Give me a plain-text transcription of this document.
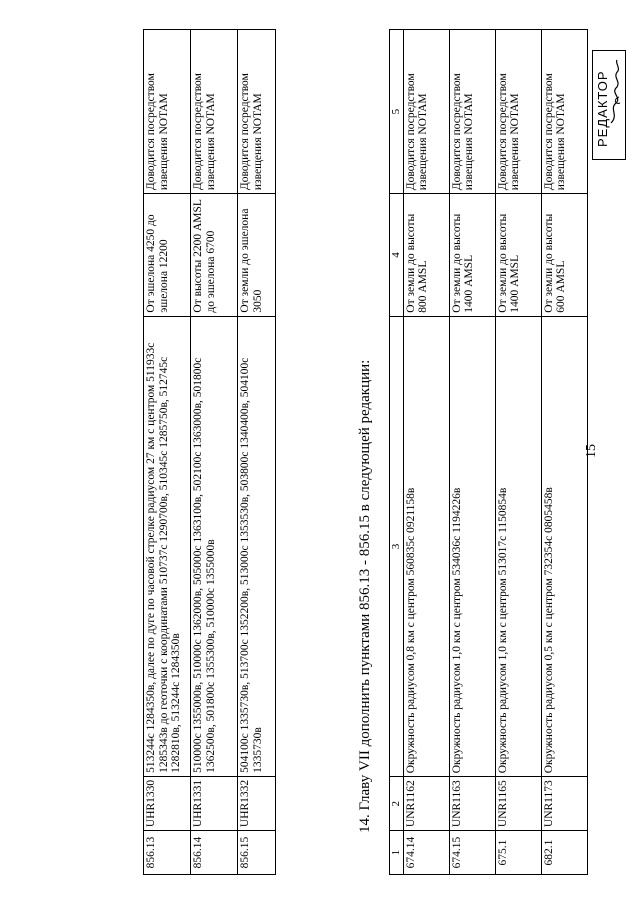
15
1	2	3	4	5
674.14	UNR1162	Окружность радиусом 0,8 км с центром 560835с 0921158в	От земли до высоты 800 AMSL	Доводится посредством извещения NOTAM
674.15	UNR1163	Окружность радиусом 1,0 км с центром 534036с 1194226в	От земли до высоты 1400 AMSL	Доводится посредством извещения NOTAM
675.1	UNR1165	Окружность радиусом 1,0 км с центром 513017с 1150854в	От земли до высоты 1400 AMSL	Доводится посредством извещения NOTAM
682.1	UNR1173	Окружность радиусом 0,5 км с центром 732354с 0805458в	От земли до высоты 600 AMSL	Доводится посредством извещения NOTAM
14. Главу VII дополнить пунктами 856.13 - 856.15 в следующей редакции:
856.13	UHR1330	513244с 1284350в, далее по дуге по часовой стрелке радиусом 27 км с центром 511933с 1285343в до геоточки с координатами 510737с 1290700в, 510345с 1285750в, 512745с 1282810в, 513244с 1284350в	От эшелона 4250 до эшелона 12200	Доводится посредством извещения NOTAM
856.14	UHR1331	510000с 1355000в, 510000с 1362000в, 505000с 1363100в, 502100с 1363000в, 501800с 1362500в, 501800с 1355300в, 510000с 1355000в	От высоты 2200 AMSL до эшелона 6700	Доводится посредством извещения NOTAM
856.15	UHR1332	504100с 1335730в, 513700с 1352200в, 513000с 1353530в, 503800с 1340400в, 504100с 1335730в	От земли до эшелона 3050	Доводится посредством извещения NOTAM	РЕДАКТОР
